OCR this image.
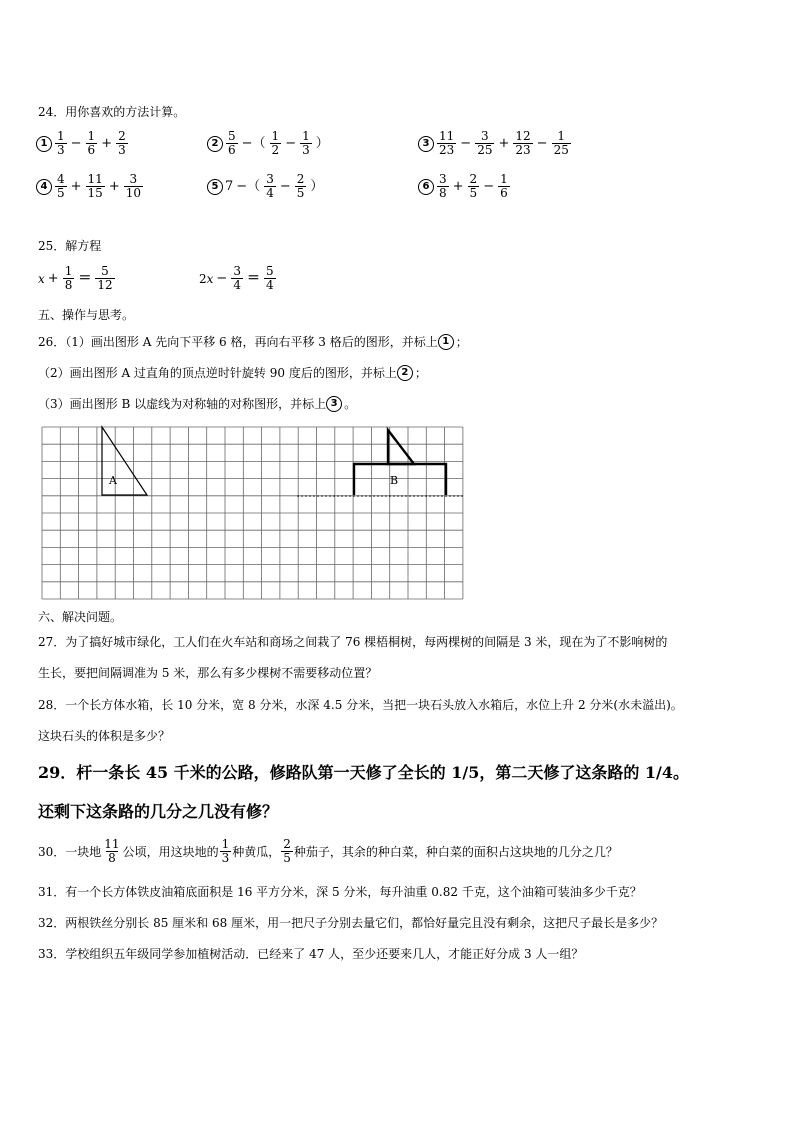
24．用你喜欢的方法计算。
$1 \frac{1}{3} - \frac{1}{6} + \frac{2}{3}$	$2 \frac{5}{6}$ −（ $\frac{1}{2} - \frac{1}{3}$ ）	$3 \frac{11}{23} - \frac{3}{25} + \frac{12}{23} - \frac{1}{25}$
$4 \frac{4}{5} + \frac{11}{15} + \frac{3}{10}$	5 7 −（ $\frac{3}{4} - \frac{2}{5}$ ）	$6 \frac{3}{8} + \frac{2}{5} - \frac{1}{6}$
25．解方程
$x + \frac{1}{8} = \frac{5}{12}$	2 $x - \frac{3}{4} = \frac{5}{4}$
五、操作与思考。
26．（1）画出图形 A 先向下平移 6 格，再向右平移 3 格后的图形，并标上 1 ；
（2）画出图形 A 过直角的顶点逆时针旋转 90 度后的图形，并标上 2 ；
（3）画出图形 B 以虚线为对称轴的对称图形，并标上 3 。
A	B
六、解决问题。
27．为了搞好城市绿化，工人们在火车站和商场之间栽了 76 棵梧桐树，每两棵树的间隔是 3 米，现在为了不影响树的
生长，要把间隔调准为 5 米，那么有多少棵树不需要移动位置？
28．一个长方体水箱，长 10 分米，宽 8 分米，水深 4.5 分米，当把一块石头放入水箱后，水位上升 2 分米(水未溢出)。
这块石头的体积是多少？
29．杆一条长 45 千米的公路，修路队第一天修了全长的 1/5，第二天修了这条路的 1/4。
还剩下这条路的几分之几没有修？
30．一块地 $\frac{11}{8}$ 公顷，用这块地的 $\frac{1}{3}$ 种黄瓜， $\frac{2}{5}$ 种茄子，其余的种白菜，种白菜的面积占这块地的几分之几？
31．有一个长方体铁皮油箱底面积是 16 平方分米，深 5 分米，每升油重 0.82 千克，这个油箱可装油多少千克？
32．两根铁丝分别长 85 厘米和 68 厘米，用一把尺子分别去量它们，都恰好量完且没有剩余，这把尺子最长是多少？
33．学校组织五年级同学参加植树活动．已经来了 47 人，至少还要来几人，才能正好分成 3 人一组？
